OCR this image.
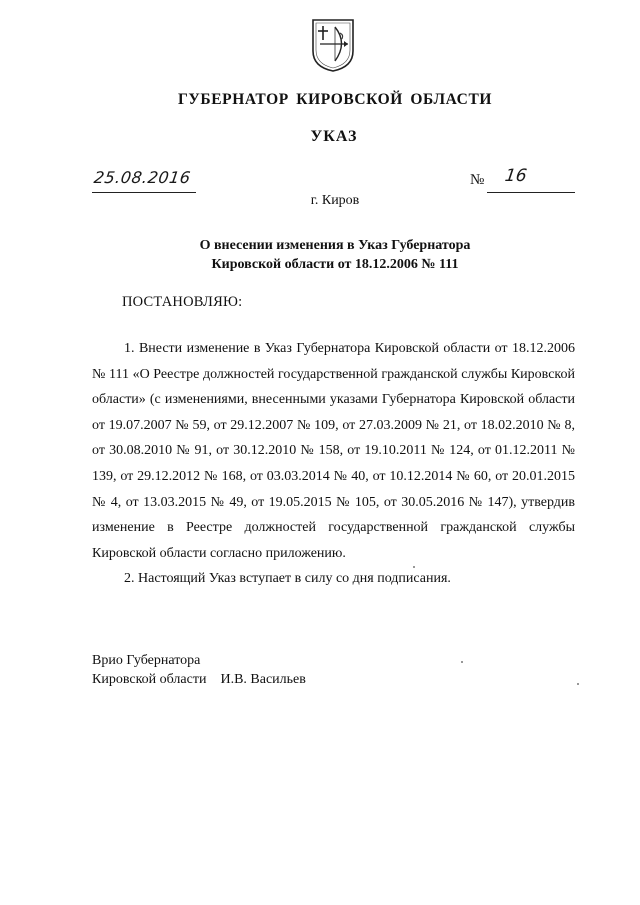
ГУБЕРНАТОР КИРОВСКОЙ ОБЛАСТИ
УКАЗ
25.08.2016	№ 16
г. Киров
О внесении изменения в Указ Губернатора
Кировской области от 18.12.2006 № 111
ПОСТАНОВЛЯЮ:

1. Внести изменение в Указ Губернатора Кировской области от 18.12.2006 № 111 «О Реестре должностей государственной гражданской службы Кировской области» (с изменениями, внесенными указами Губернатора Кировской области от 19.07.2007 № 59, от 29.12.2007 № 109, от 27.03.2009 № 21, от 18.02.2010 № 8, от 30.08.2010 № 91, от 30.12.2010 № 158, от 19.10.2011 № 124, от 01.12.2011 № 139, от 29.12.2012 № 168, от 03.03.2014 № 40, от 10.12.2014 № 60, от 20.01.2015 № 4, от 13.03.2015 № 49, от 19.05.2015 № 105, от 30.05.2016 № 147), утвердив изменение в Реестре должностей государственной гражданской службы Кировской области согласно приложению.

2. Настоящий Указ вступает в силу со дня подписания.

Врио Губернатора
Кировской области И.В. Васильев
